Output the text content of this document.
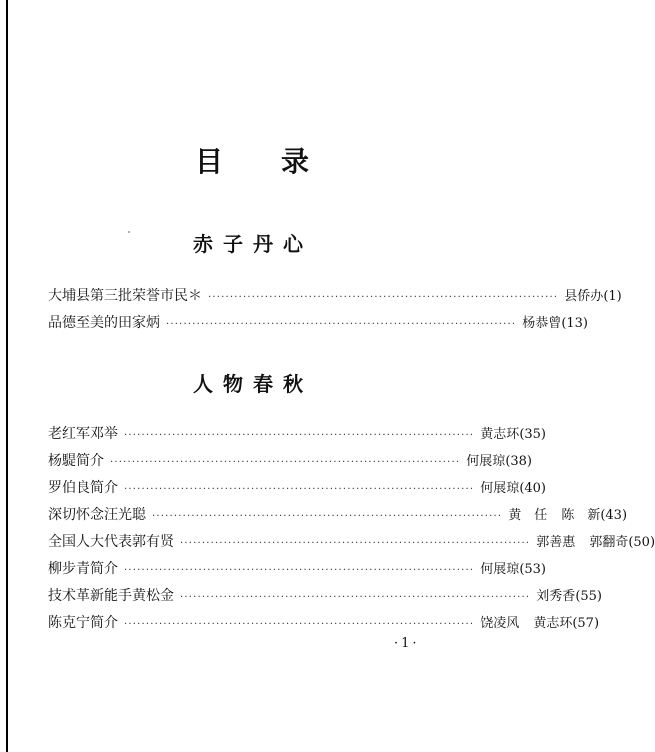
目 录
赤子丹心
大埔县第三批荣誉市民＊ ················································································ 县侨办 (1)
品德至美的田家炳 ················································································ 杨恭曾 (13)
人物春秋
老红军邓举 ················································································ 黄志环 (35)
杨騠简介 ················································································ 何展琼 (38)
罗伯良简介 ················································································ 何展琼 (40)
深切怀念汪光聪 ················································································ 黄　任 陈　新 (43)
全国人大代表郭有贤 ················································································ 郭善惠 郭翻奇 (50)
柳步青简介 ················································································ 何展琼 (53)
技术革新能手黄松金 ················································································ 刘秀香 (55)
陈克宁简介 ················································································ 饶凌风 黄志环 (57)
·1·
